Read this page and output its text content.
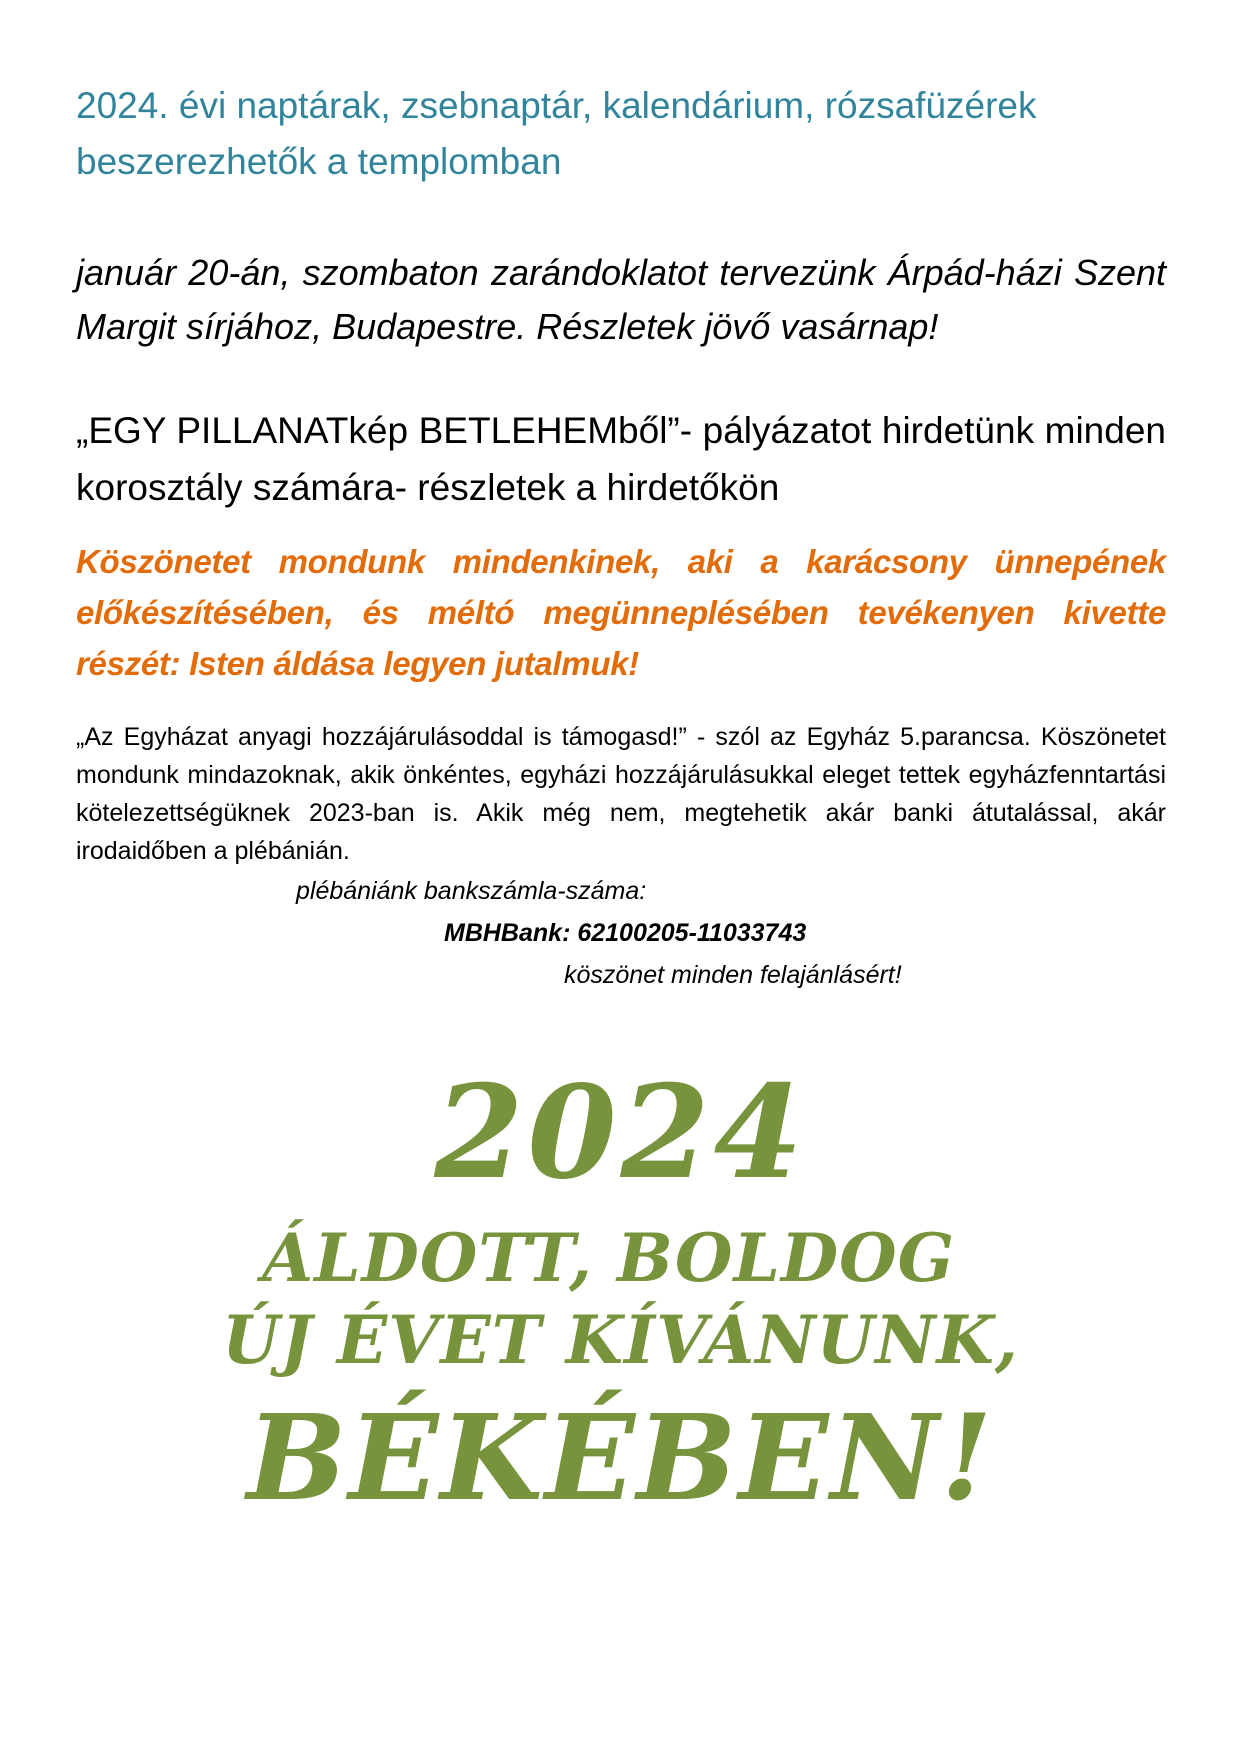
2024. évi naptárak, zsebnaptár, kalendárium, rózsafüzérek beszerezhetők a templomban

január 20-án, szombaton zarándoklatot tervezünk Árpád-házi Szent Margit sírjához, Budapestre. Részletek jövő vasárnap!

„EGY PILLANATkép BETLEHEMből”- pályázatot hirdetünk minden korosztály számára- részletek a hirdetőkön

Köszönetet mondunk mindenkinek, aki a karácsony ünnepének előkészítésében, és méltó megünneplésében tevékenyen kivette részét: Isten áldása legyen jutalmuk!

„Az Egyházat anyagi hozzájárulásoddal is támogasd!” - szól az Egyház 5.parancsa. Köszönetet mondunk mindazoknak, akik önkéntes, egyházi hozzájárulásukkal eleget tettek egyházfenntartási kötelezettségüknek 2023-ban is. Akik még nem, megtehetik akár banki átutalással, akár irodaidőben a plébánián.

plébániánk bankszámla-száma:
MBHBank: 62100205-11033743
köszönet minden felajánlásért!
2024
ÁLDOTT, BOLDOG
ÚJ ÉVET KÍVÁNUNK,
BÉKÉBEN!
